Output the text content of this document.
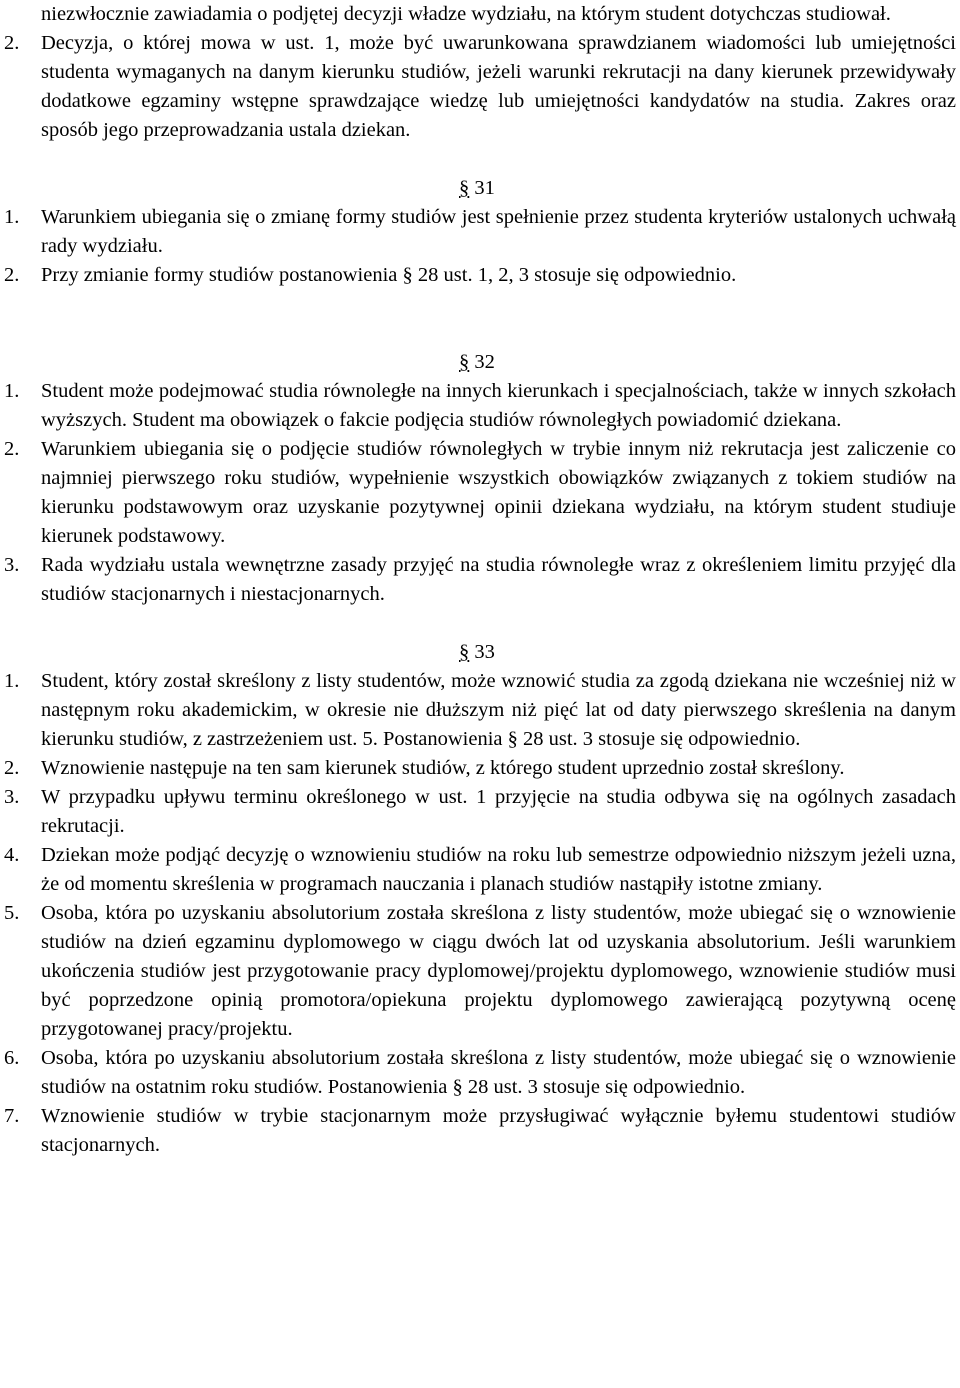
niezwłocznie zawiadamia o podjętej decyzji władze wydziału, na którym student dotychczas studiował.
2.	Decyzja, o której mowa w ust. 1, może być uwarunkowana sprawdzianem wiadomości lub umiejętności studenta wymaganych na danym kierunku studiów, jeżeli warunki rekrutacji na dany kierunek przewidywały dodatkowe egzaminy wstępne sprawdzające wiedzę lub umiejętności kandydatów na studia. Zakres oraz sposób jego przeprowadzania ustala dziekan.
§ 31
1.	Warunkiem ubiegania się o zmianę formy studiów jest spełnienie przez studenta kryteriów ustalonych uchwałą rady wydziału.
2.	Przy zmianie formy studiów postanowienia § 28 ust. 1, 2, 3 stosuje się odpowiednio.
§ 32
1.	Student może podejmować studia równoległe na innych kierunkach i specjalnościach, także w innych szkołach wyższych. Student ma obowiązek o fakcie podjęcia studiów równoległych powiadomić dziekana.
2.	Warunkiem ubiegania się o podjęcie studiów równoległych w trybie innym niż rekrutacja jest zaliczenie co najmniej pierwszego roku studiów, wypełnienie wszystkich obowiązków związanych z tokiem studiów na kierunku podstawowym oraz uzyskanie pozytywnej opinii dziekana wydziału, na którym student studiuje kierunek podstawowy.
3.	Rada wydziału ustala wewnętrzne zasady przyjęć na studia równoległe wraz z określeniem limitu przyjęć dla studiów stacjonarnych i niestacjonarnych.
§ 33
1.	Student, który został skreślony z listy studentów, może wznowić studia za zgodą dziekana nie wcześniej niż w następnym roku akademickim, w okresie nie dłuższym niż pięć lat od daty pierwszego skreślenia na danym kierunku studiów, z zastrzeżeniem ust. 5. Postanowienia § 28 ust. 3 stosuje się odpowiednio.
2.	Wznowienie następuje na ten sam kierunek studiów, z którego student uprzednio został skreślony.
3.	W przypadku upływu terminu określonego w ust. 1 przyjęcie na studia odbywa się na ogólnych zasadach rekrutacji.
4.	Dziekan może podjąć decyzję o wznowieniu studiów na roku lub semestrze odpowiednio niższym jeżeli uzna, że od momentu skreślenia w programach nauczania i planach studiów nastąpiły istotne zmiany.
5.	Osoba, która po uzyskaniu absolutorium została skreślona z listy studentów, może ubiegać się o wznowienie studiów na dzień egzaminu dyplomowego w ciągu dwóch lat od uzyskania absolutorium. Jeśli warunkiem ukończenia studiów jest przygotowanie pracy dyplomowej/projektu dyplomowego, wznowienie studiów musi być poprzedzone opinią promotora/opiekuna projektu dyplomowego zawierającą pozytywną ocenę przygotowanej pracy/projektu.
6.	Osoba, która po uzyskaniu absolutorium została skreślona z listy studentów, może ubiegać się o wznowienie studiów na ostatnim roku studiów. Postanowienia § 28 ust. 3 stosuje się odpowiednio.
7.	Wznowienie studiów w trybie stacjonarnym może przysługiwać wyłącznie byłemu studentowi studiów stacjonarnych.
